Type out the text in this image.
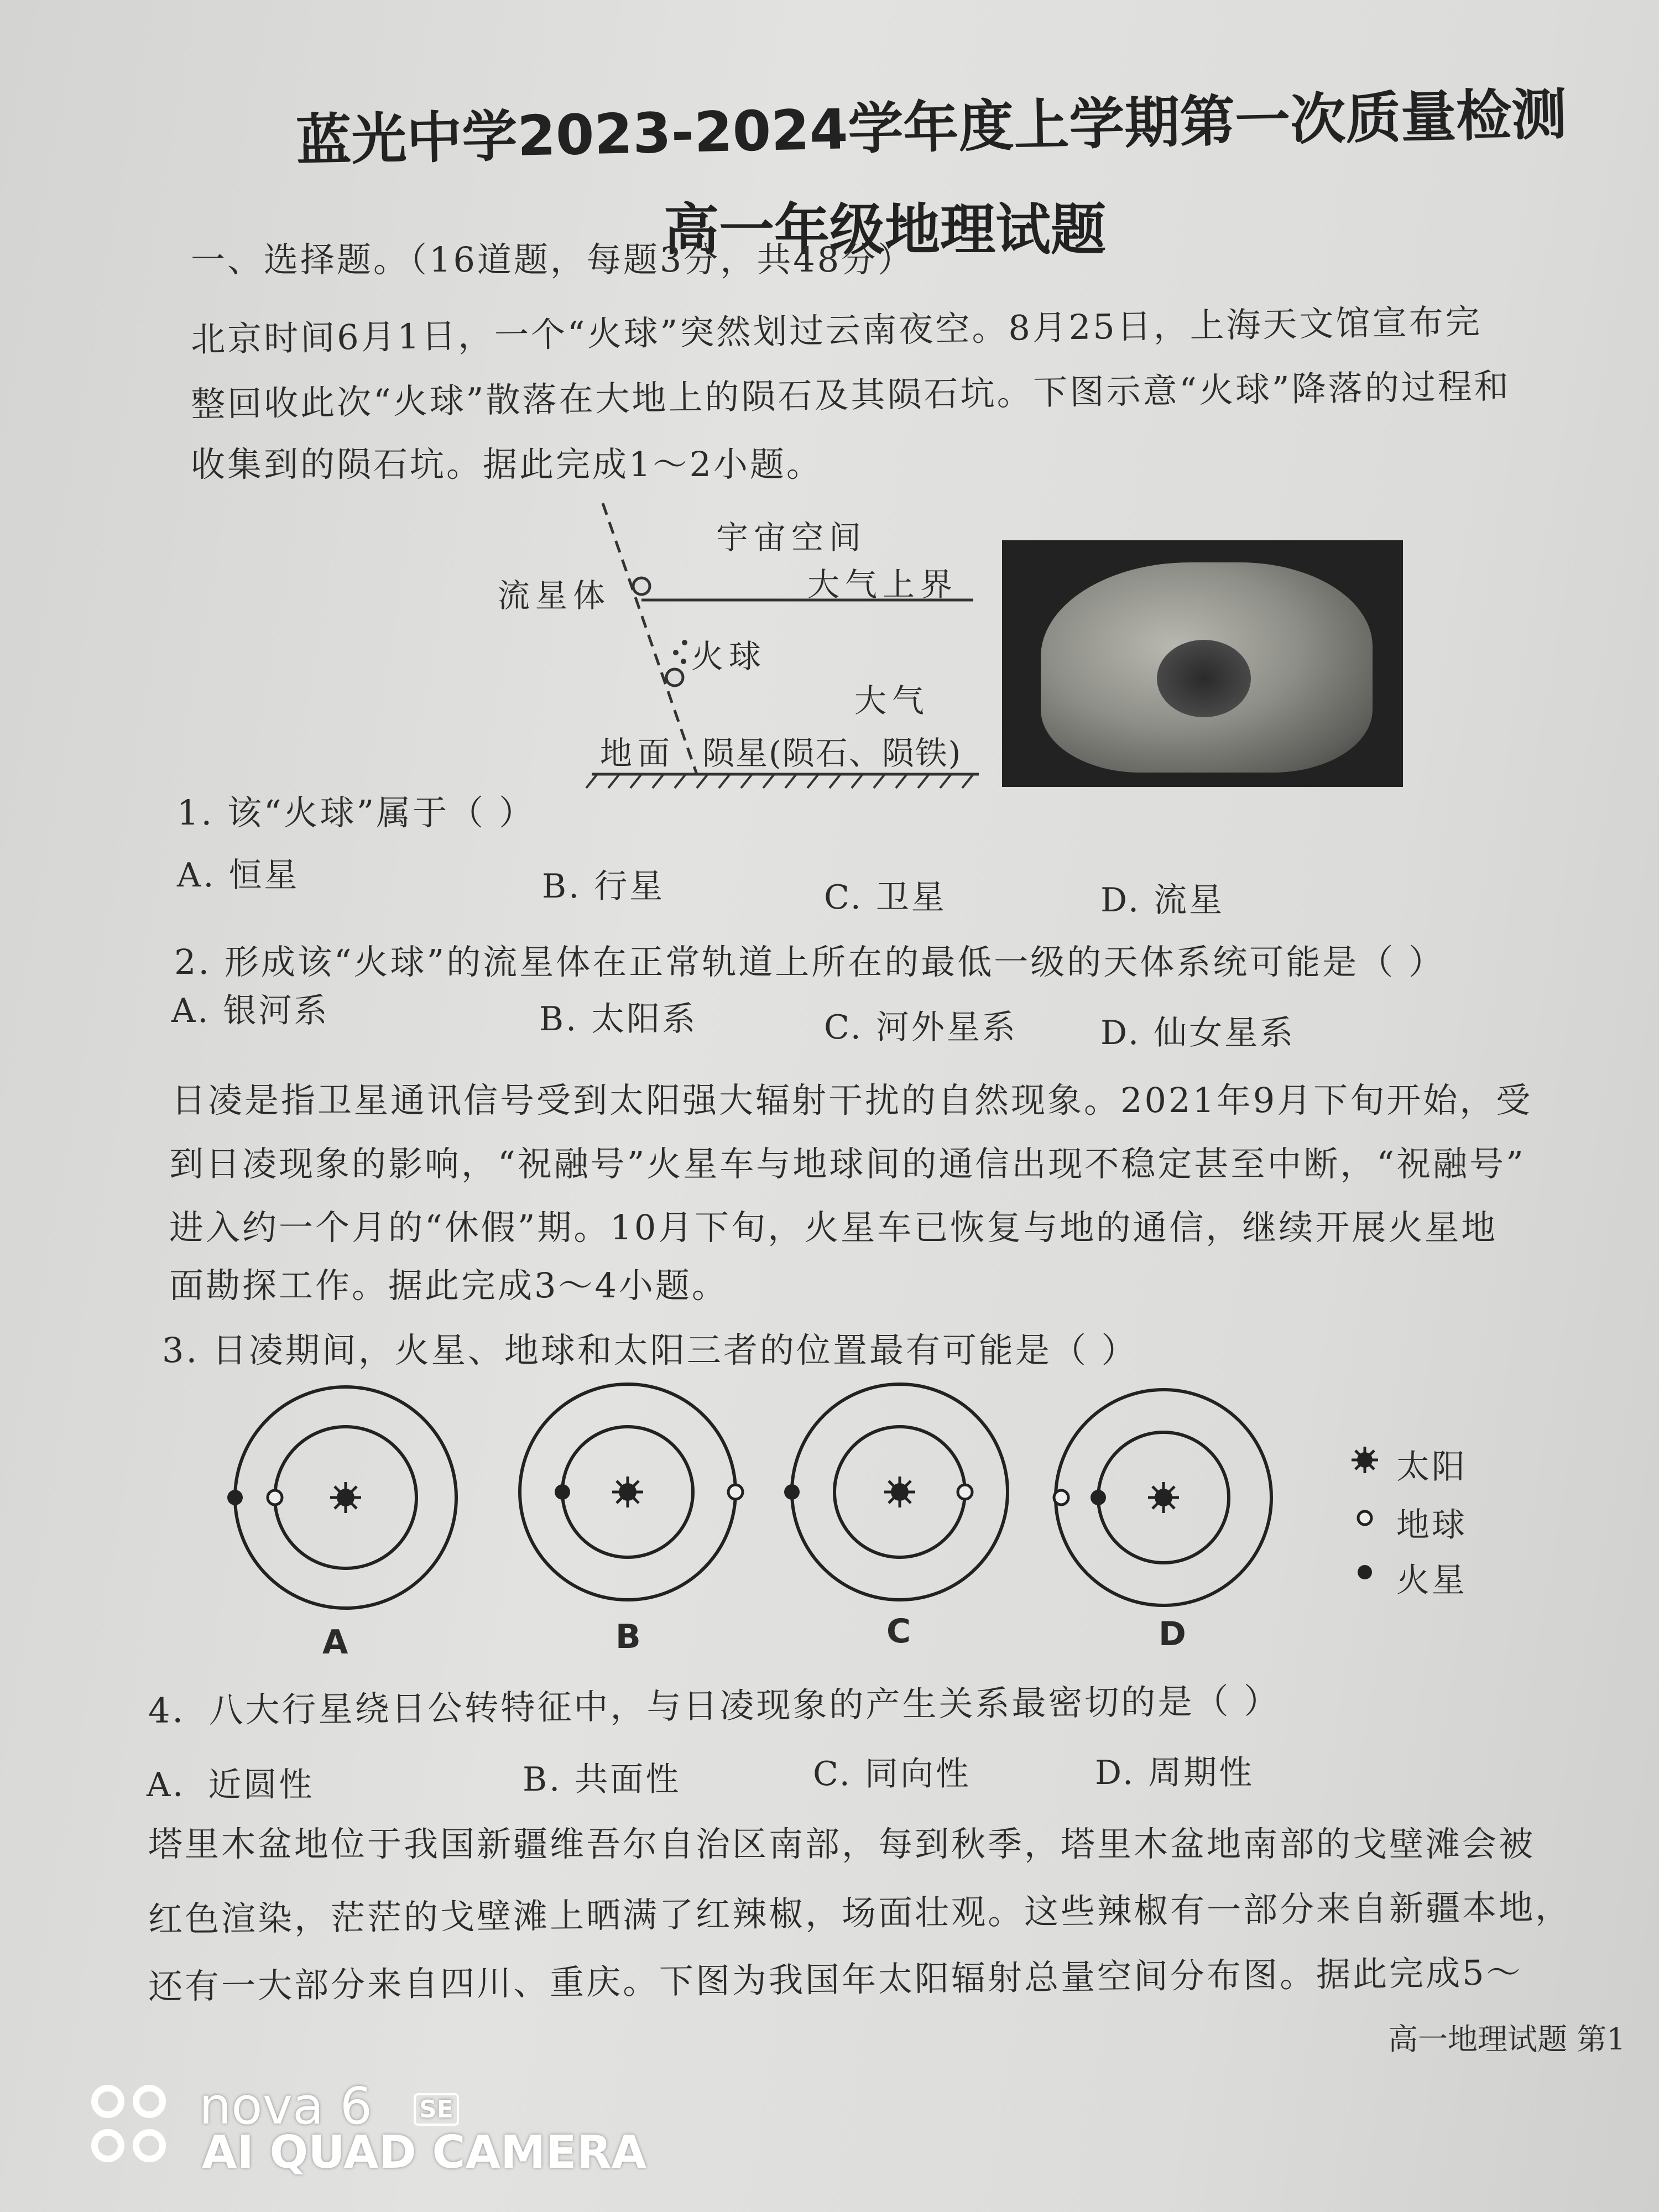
蓝光中学2023-2024学年度上学期第一次质量检测
高一年级地理试题
一、选择题。（16道题，每题3分，共48分）
北京时间6月1日，一个“火球”突然划过云南夜空。8月25日，上海天文馆宣布完
整回收此次“火球”散落在大地上的陨石及其陨石坑。下图示意“火球”降落的过程和
收集到的陨石坑。据此完成1～2小题。
宇宙空间
大气上界
流星体
火球
大气
地面 陨星(陨石、陨铁)
1. 该“火球”属于（ ）
A. 恒星	B. 行星	C. 卫星	D. 流星
2. 形成该“火球”的流星体在正常轨道上所在的最低一级的天体系统可能是（ ）
A. 银河系	B. 太阳系	C. 河外星系	D. 仙女星系
日凌是指卫星通讯信号受到太阳强大辐射干扰的自然现象。2021年9月下旬开始，受
到日凌现象的影响，“祝融号”火星车与地球间的通信出现不稳定甚至中断，“祝融号”
进入约一个月的“休假”期。10月下旬，火星车已恢复与地的通信，继续开展火星地
面勘探工作。据此完成3～4小题。
3. 日凌期间，火星、地球和太阳三者的位置最有可能是（ ）
A	B	C	D
太阳
地球
火星
4．八大行星绕日公转特征中，与日凌现象的产生关系最密切的是（ ）
A．近圆性	B. 共面性	C. 同向性	D. 周期性
塔里木盆地位于我国新疆维吾尔自治区南部，每到秋季，塔里木盆地南部的戈壁滩会被
红色渲染，茫茫的戈壁滩上晒满了红辣椒，场面壮观。这些辣椒有一部分来自新疆本地，
还有一大部分来自四川、重庆。下图为我国年太阳辐射总量空间分布图。据此完成5～
高一地理试题 第1
nova 6 SE
AI QUAD CAMERA
